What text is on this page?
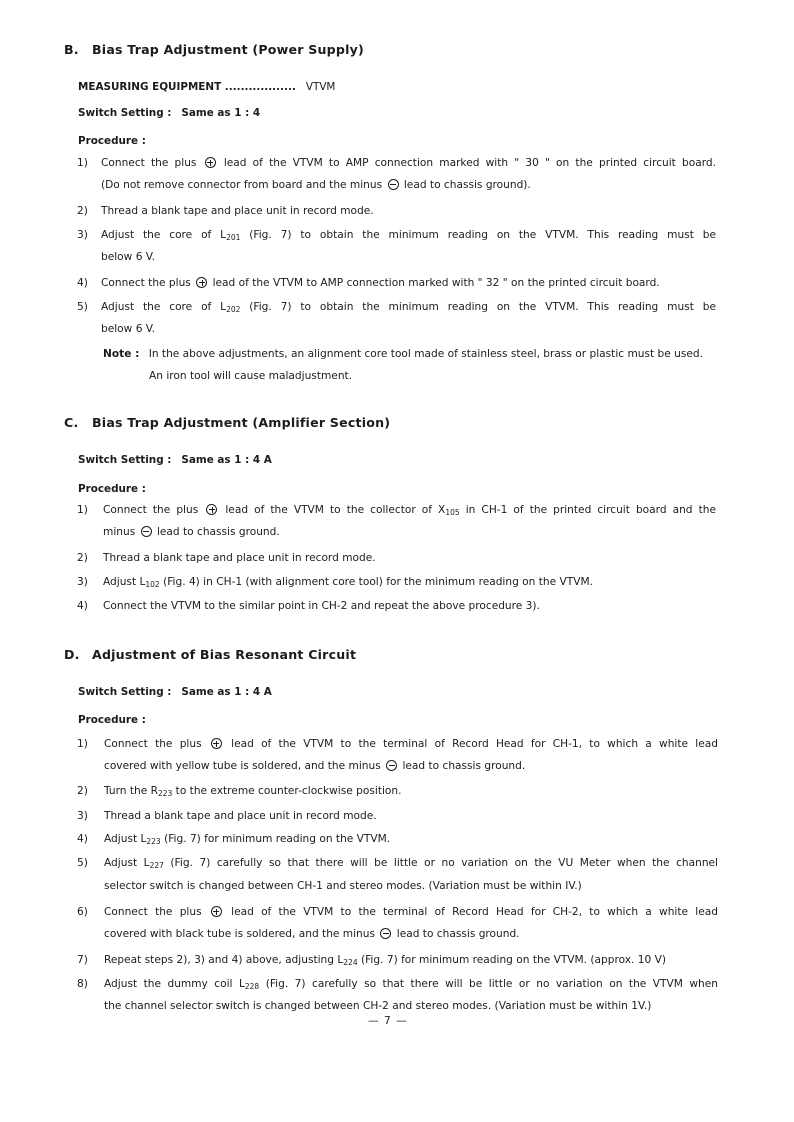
B. Bias Trap Adjustment (Power Supply)
MEASURING EQUIPMENT .................. VTVM
Switch Setting : Same as 1 : 4
Procedure :
1) Connect the plus  lead of the VTVM to AMP connection marked with " 30 " on the printed circuit board.
(Do not remove connector from board and the minus  lead to chassis ground).
2) Thread a blank tape and place unit in record mode.
3) Adjust the core of $L_{201}$ (Fig. 7) to obtain the minimum reading on the VTVM. This reading must be
below 6 V.
4) Connect the plus  lead of the VTVM to AMP connection marked with " 32 " on the printed circuit board.
5) Adjust the core of $L_{202}$ (Fig. 7) to obtain the minimum reading on the VTVM. This reading must be
below 6 V.
Note : In the above adjustments, an alignment core tool made of stainless steel, brass or plastic must be used.
An iron tool will cause maladjustment.
C. Bias Trap Adjustment (Amplifier Section)
Switch Setting : Same as 1 : 4 A
Procedure :
1) Connect the plus  lead of the VTVM to the collector of $X_{105}$ in CH-1 of the printed circuit board and the
minus  lead to chassis ground.
2) Thread a blank tape and place unit in record mode.
3) Adjust $L_{102}$ (Fig. 4) in CH-1 (with alignment core tool) for the minimum reading on the VTVM.
4) Connect the VTVM to the similar point in CH-2 and repeat the above procedure 3).
D. Adjustment of Bias Resonant Circuit
Switch Setting : Same as 1 : 4 A
Procedure :
1) Connect the plus  lead of the VTVM to the terminal of Record Head for CH-1, to which a white lead
covered with yellow tube is soldered, and the minus  lead to chassis ground.
2) Turn the $R_{223}$ to the extreme counter-clockwise position.
3) Thread a blank tape and place unit in record mode.
4) Adjust $L_{223}$ (Fig. 7) for minimum reading on the VTVM.
5) Adjust $L_{227}$ (Fig. 7) carefully so that there will be little or no variation on the VU Meter when the channel
selector switch is changed between CH-1 and stereo modes. (Variation must be within IV.)
6) Connect the plus  lead of the VTVM to the terminal of Record Head for CH-2, to which a white lead
covered with black tube is soldered, and the minus  lead to chassis ground.
7) Repeat steps 2), 3) and 4) above, adjusting $L_{224}$ (Fig. 7) for minimum reading on the VTVM. (approx. 10 V)
8) Adjust the dummy coil $L_{228}$ (Fig. 7) carefully so that there will be little or no variation on the VTVM when
the channel selector switch is changed between CH-2 and stereo modes. (Variation must be within 1V.)
— 7 —
